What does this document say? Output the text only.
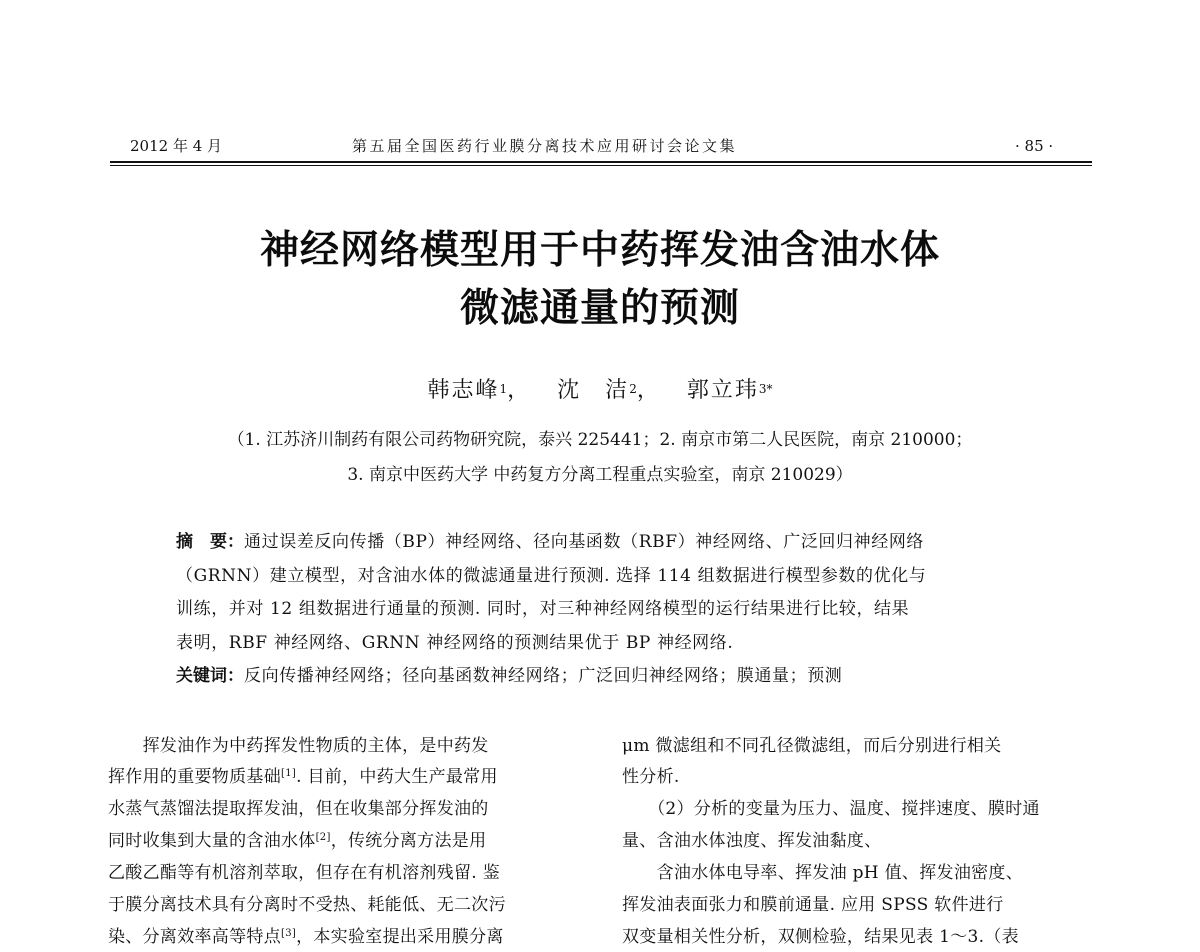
2012 年 4 月	第五届全国医药行业膜分离技术应用研讨会论文集	· 85 ·
神经网络模型用于中药挥发油含油水体
微滤通量的预测
韩志峰$^1$， 沈　洁$^2$， 郭立玮$^{3*}$
（1. 江苏济川制药有限公司药物研究院，泰兴 225441；2. 南京市第二人民医院，南京 210000；
3. 南京中医药大学 中药复方分离工程重点实验室，南京 210029）
摘　要：通过误差反向传播（BP）神经网络、径向基函数（RBF）神经网络、广泛回归神经网络
（GRNN）建立模型，对含油水体的微滤通量进行预测. 选择 114 组数据进行模型参数的优化与
训练，并对 12 组数据进行通量的预测. 同时，对三种神经网络模型的运行结果进行比较，结果
表明，RBF 神经网络、GRNN 神经网络的预测结果优于 BP 神经网络.
关键词：反向传播神经网络；径向基函数神经网络；广泛回归神经网络；膜通量；预测
　　挥发油作为中药挥发性物质的主体，是中药发
挥作用的重要物质基础[1]. 目前，中药大生产最常用
水蒸气蒸馏法提取挥发油，但在收集部分挥发油的
同时收集到大量的含油水体[2]，传统分离方法是用
乙酸乙酯等有机溶剂萃取，但存在有机溶剂残留. 鉴
于膜分离技术具有分离时不受热、耗能低、无二次污
染、分离效率高等特点[3]，本实验室提出采用膜分离
μm 微滤组和不同孔径微滤组，而后分别进行相关
性分析.
　　（2）分析的变量为压力、温度、搅拌速度、膜时通
量、含油水体浊度、挥发油黏度、
　　含油水体电导率、挥发油 pH 值、挥发油密度、
挥发油表面张力和膜前通量. 应用 SPSS 软件进行
双变量相关性分析，双侧检验，结果见表 1～3.（表
